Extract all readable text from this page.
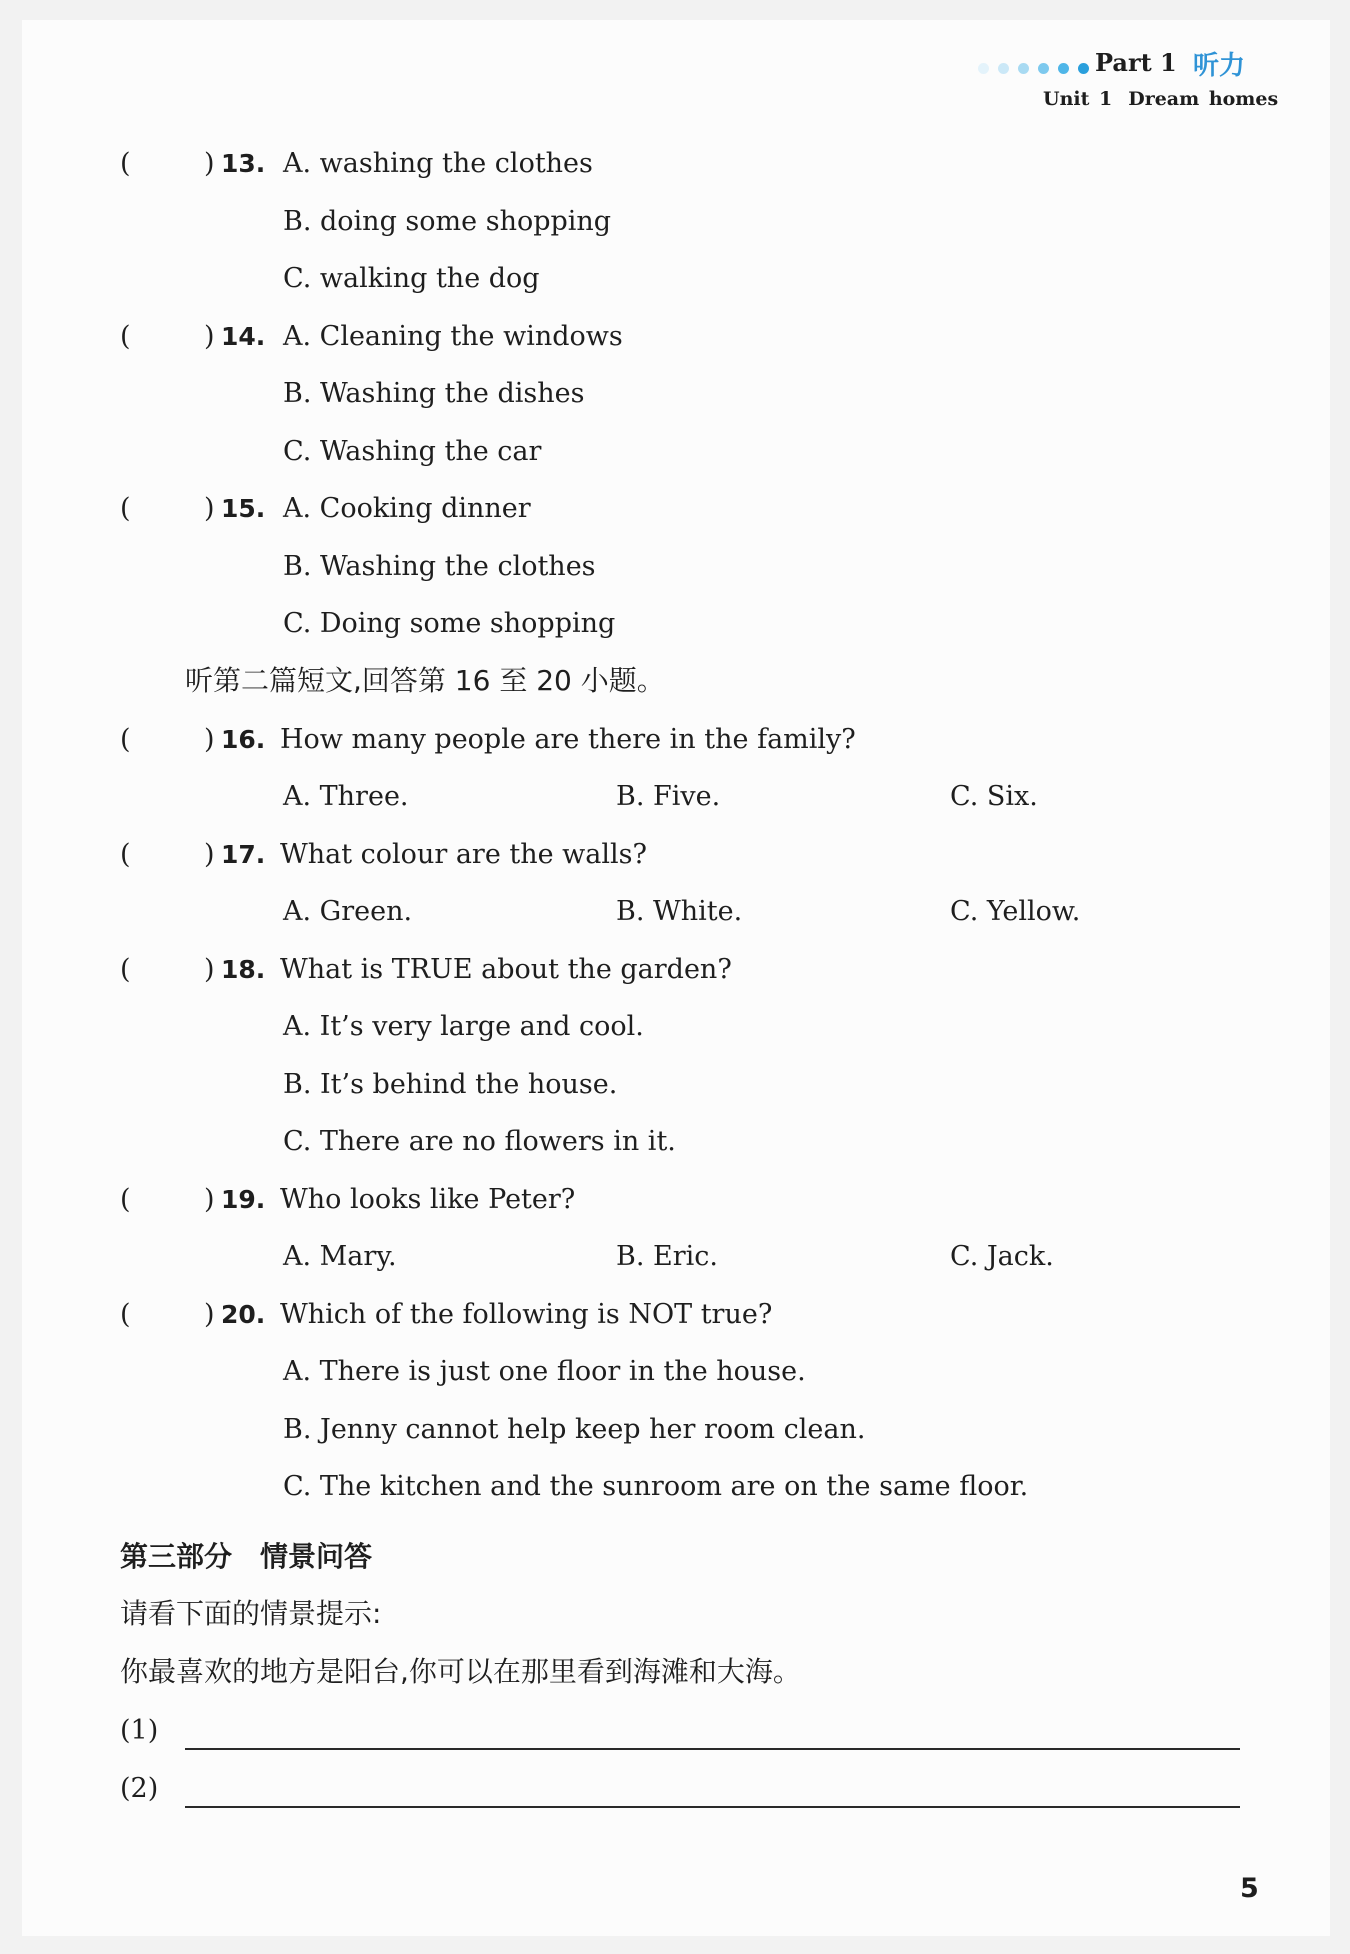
Part 1 听力
Unit 1 Dream homes
(	) 13. A. washing the clothes
B. doing some shopping
C. walking the dog
(	) 14. A. Cleaning the windows
B. Washing the dishes
C. Washing the car
(	) 15. A. Cooking dinner
B. Washing the clothes
C. Doing some shopping
听第二篇短文,回答第 16 至 20 小题。
(	) 16. How many people are there in the family?
A. Three.	B. Five.	C. Six.
(	) 17. What colour are the walls?
A. Green.	B. White.	C. Yellow.
(	) 18. What is TRUE about the garden?
A. It’s very large and cool.
B. It’s behind the house.
C. There are no flowers in it.
(	) 19. Who looks like Peter?
A. Mary.	B. Eric.	C. Jack.
(	) 20. Which of the following is NOT true?
A. There is just one floor in the house.
B. Jenny cannot help keep her room clean.
C. The kitchen and the sunroom are on the same floor.
第三部分　情景问答
请看下面的情景提示:
你最喜欢的地方是阳台,你可以在那里看到海滩和大海。
(1)
(2)
5
